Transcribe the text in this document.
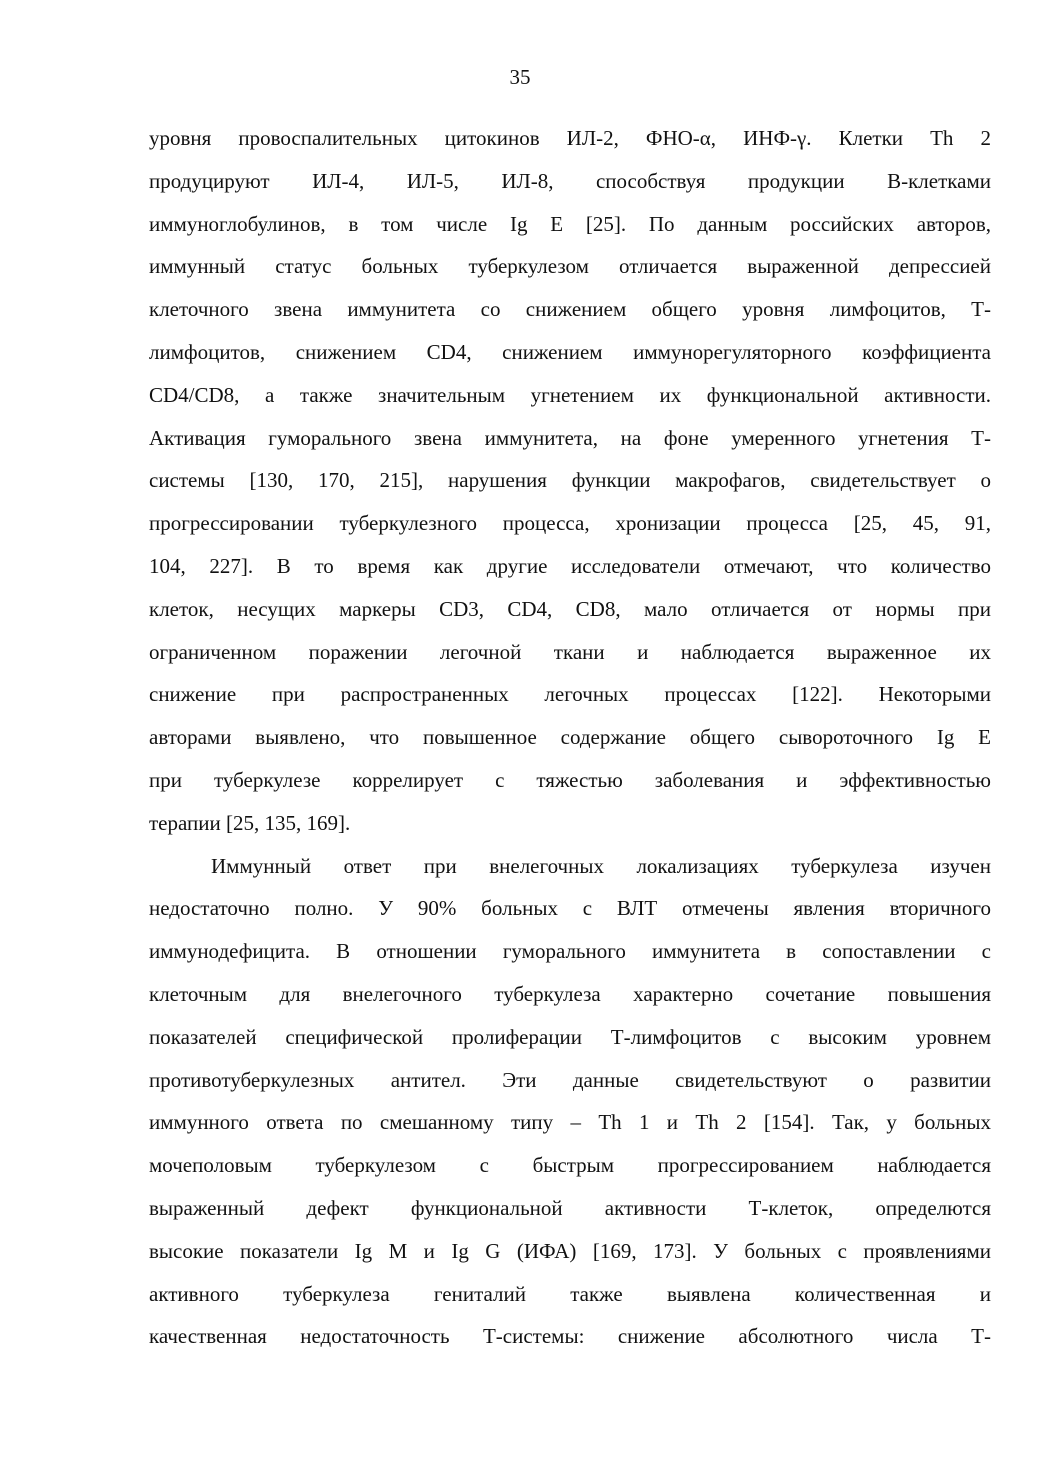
35
уровня провоспалительных цитокинов ИЛ-2, ФНО-α, ИНФ-γ. Клетки Th 2
продуцируют ИЛ-4, ИЛ-5, ИЛ-8, способствуя продукции В-клетками
иммуноглобулинов, в том числе Ig E [25]. По данным российских авторов,
иммунный статус больных туберкулезом отличается выраженной депрессией
клеточного звена иммунитета со снижением общего уровня лимфоцитов, Т-
лимфоцитов, снижением CD4, снижением иммунорегуляторного коэффициента
CD4/CD8, а также значительным угнетением их функциональной активности.
Активация гуморального звена иммунитета, на фоне умеренного угнетения Т-
системы [130, 170, 215], нарушения функции макрофагов, свидетельствует о
прогрессировании туберкулезного процесса, хронизации процесса [25, 45, 91,
104, 227]. В то время как другие исследователи отмечают, что количество
клеток, несущих маркеры CD3, CD4, CD8, мало отличается от нормы при
ограниченном поражении легочной ткани и наблюдается выраженное их
снижение при распространенных легочных процессах [122]. Некоторыми
авторами выявлено, что повышенное содержание общего сывороточного Ig E
при туберкулезе коррелирует с тяжестью заболевания и эффективностью
терапии [25, 135, 169].
Иммунный ответ при внелегочных локализациях туберкулеза изучен
недостаточно полно. У 90% больных с ВЛТ отмечены явления вторичного
иммунодефицита. В отношении гуморального иммунитета в сопоставлении с
клеточным для внелегочного туберкулеза характерно сочетание повышения
показателей специфической пролиферации Т-лимфоцитов с высоким уровнем
противотуберкулезных антител. Эти данные свидетельствуют о развитии
иммунного ответа по смешанному типу – Th 1 и Th 2 [154]. Так, у больных
мочеполовым туберкулезом с быстрым прогрессированием наблюдается
выраженный дефект функциональной активности Т-клеток, определются
высокие показатели Ig M и Ig G (ИФА) [169, 173]. У больных с проявлениями
активного туберкулеза гениталий также выявлена количественная и
качественная недостаточность Т-системы: снижение абсолютного числа Т-
